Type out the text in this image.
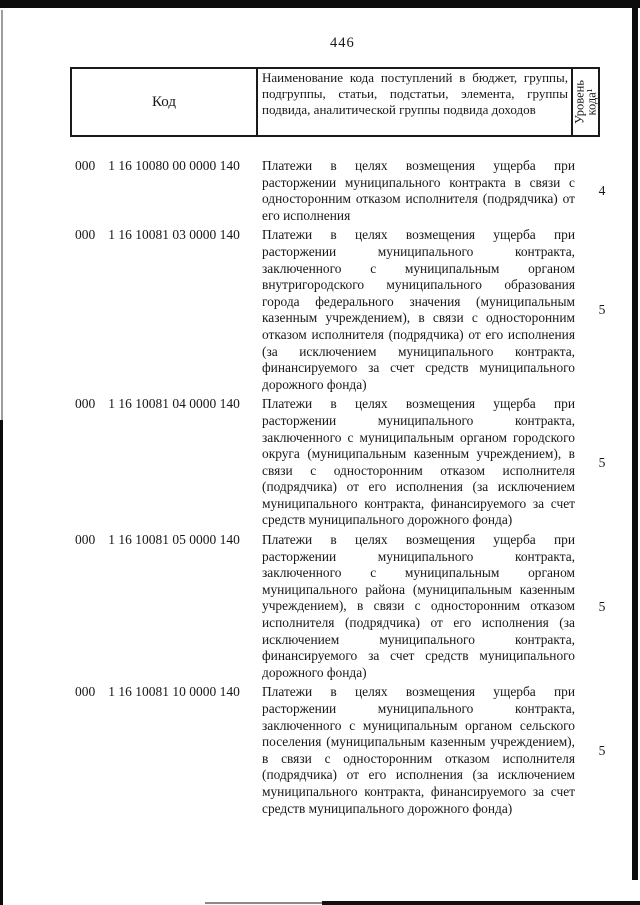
446
Код
Наименование кода поступлений в бюджет, группы, подгруппы, статьи, подстатьи, элемента, группы подвида, аналитической группы подвида доходов	Уровень кода¹
000 1 16 10080 00 0000 140 Платежи в целях возмещения ущерба при расторжении муниципального контракта в связи с односторонним отказом исполнителя (подрядчика) от его исполнения
4
000 1 16 10081 03 0000 140 Платежи в целях возмещения ущерба при расторжении муниципального контракта, заключенного с муниципальным органом внутригородского муниципального образования города федерального значения (муниципальным казенным учреждением), в связи с односторонним отказом исполнителя (подрядчика) от его исполнения (за исключением муниципального контракта, финансируемого за счет средств муниципального дорожного фонда)
5
000 1 16 10081 04 0000 140 Платежи в целях возмещения ущерба при расторжении муниципального контракта, заключенного с муниципальным органом городского округа (муниципальным казенным учреждением), в связи с односторонним отказом исполнителя (подрядчика) от его исполнения (за исключением муниципального контракта, финансируемого за счет средств муниципального дорожного фонда)
5
000 1 16 10081 05 0000 140 Платежи в целях возмещения ущерба при расторжении муниципального контракта, заключенного с муниципальным органом муниципального района (муниципальным казенным учреждением), в связи с односторонним отказом исполнителя (подрядчика) от его исполнения (за исключением муниципального контракта, финансируемого за счет средств муниципального дорожного фонда)
5
000 1 16 10081 10 0000 140 Платежи в целях возмещения ущерба при расторжении муниципального контракта, заключенного с муниципальным органом сельского поселения (муниципальным казенным учреждением), в связи с односторонним отказом исполнителя (подрядчика) от его исполнения (за исключением муниципального контракта, финансируемого за счет средств муниципального дорожного фонда)
5
